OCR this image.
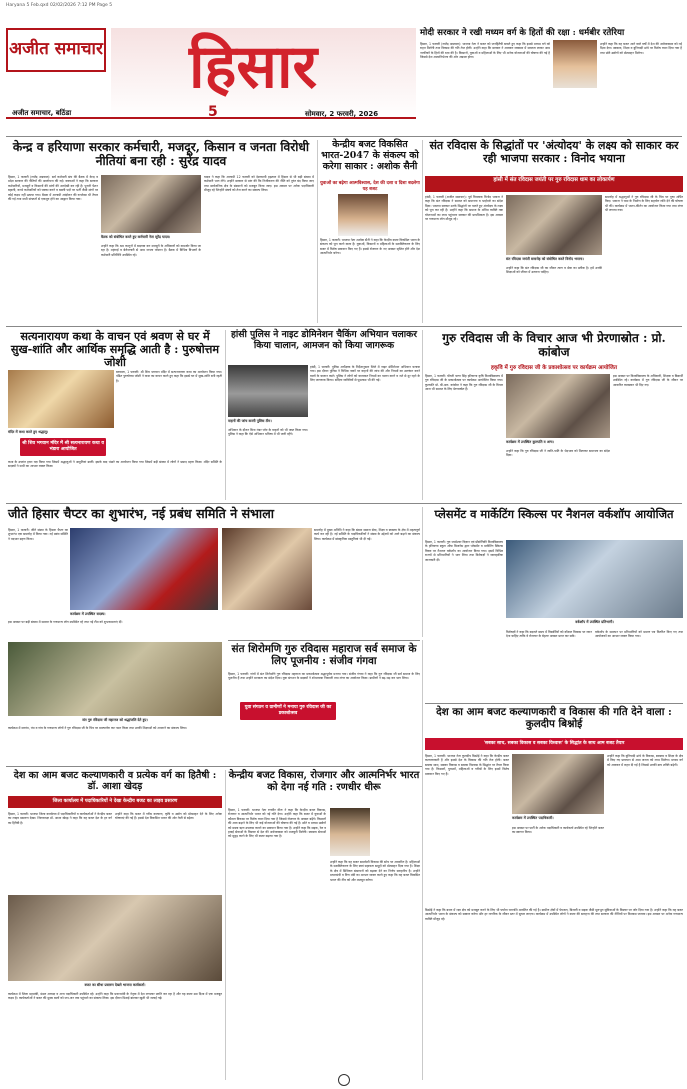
Haryana 5 Feb.qxd 02/02/2026 7:12 PM Page 5
अजीत समाचार हिसार
अजीत समाचार, बठिंडा	5	सोमवार, 2 फरवरी, 2026
मोदी सरकार ने रखी मध्यम वर्ग के हितों की रक्षा : धर्मबीर रतेरिया
हिसार, 1 फरवरी (राजेंद्र अग्रवाल): भाजपा नेता ने बजट को जनहितैषी बताते हुए कहा कि इससे मध्यम वर्ग को राहत मिलेगी तथा विकास की गति तेज होगी। उन्होंने कहा कि सरकार ने आयकर व्यवस्था में सरलता लाकर आम नागरिकों के हितों की रक्षा की है। किसानों, युवाओं व महिलाओं के लिए भी अनेक योजनाओं की घोषणा की गई है जिससे देश आत्मनिर्भरता की ओर अग्रसर होगा।
उन्होंने कहा कि यह बजट आने वाले वर्षों में देश की अर्थव्यवस्था को नई दिशा देगा। स्वास्थ्य, शिक्षा व बुनियादी ढांचे पर विशेष ध्यान दिया गया है तथा छोटे उद्योगों को प्रोत्साहन मिलेगा।
केन्द्र व हरियाणा सरकार कर्मचारी, मजदूर, किसान व जनता विरोधी नीतियां बना रही : सुरेंद्र यादव
हिसार, 1 फरवरी (राजेंद्र अग्रवाल): सर्व कर्मचारी संघ की बैठक में केन्द्र व प्रदेश सरकार की नीतियों की आलोचना की गई। वक्ताओं ने कहा कि सरकार कर्मचारियों, मजदूरों व किसानों की मांगों की अनदेखी कर रही है। पुरानी पेंशन बहाली, कच्चे कर्मचारियों को पक्का करने व खाली पदों पर भर्ती जैसी मांगों पर कोई कदम नहीं उठाया गया। बैठक में आगामी आंदोलन की रूपरेखा भी तैयार की गई तथा सभी संगठनों से एकजुट होने का आह्वान किया गया।
बैठक को संबोधित करते हुए कर्मचारी नेता सुरेंद्र यादव।
उन्होंने कहा कि श्रम कानूनों में बदलाव कर मजदूरों के अधिकारों को कमजोर किया जा रहा है। महंगाई व बेरोजगारी से आम जनता परेशान है। बैठक में विभिन्न विभागों के कर्मचारी प्रतिनिधि उपस्थित रहे।
यादव ने कहा कि आगामी 12 फरवरी को देशव्यापी हड़ताल में हिसार से भी बड़ी संख्या में कर्मचारी भाग लेंगे। उन्होंने सरकार से मांग की कि निजीकरण की नीति को तुरंत बंद किया जाए तथा सार्वजनिक क्षेत्र के संस्थानों को मजबूत किया जाए। इस अवसर पर अनेक पदाधिकारी मौजूद रहे जिन्होंने संघर्ष को तेज करने का संकल्प लिया।
केन्द्रीय बजट विकसित भारत-2047 के संकल्प को करेगा साकार : अशोक सैनी
युवाओं का बढ़ेगा आत्मविश्वास, देश की दशा व दिशा बदलेगा यह बजट
हिसार, 1 फरवरी: भाजपा नेता अशोक सैनी ने कहा कि केन्द्रीय बजट विकसित भारत के संकल्प को पूरा करने वाला है। युवाओं, किसानों व महिलाओं के सशक्तिकरण के लिए बजट में विशेष प्रावधान किए गए हैं। इससे रोजगार के नए अवसर सृजित होंगे और देश आत्मनिर्भर बनेगा।
संत रविदास के सिद्धांतों पर 'अंत्योदय' के लक्ष्य को साकार कर रही भाजपा सरकार : विनोद भयाना
हांसी में संत रविदास जयंती पर गुरु रविदास धाम का लोकार्पण
हांसी, 1 फरवरी (अजीत समाचार): पूर्व विधायक विनोद भयाना ने कहा कि संत रविदास ने समाज को समानता व भाईचारे का संदेश दिया। भाजपा सरकार उनके सिद्धांतों पर चलते हुए अंत्योदय के लक्ष्य को पूरा कर रही है। उन्होंने कहा कि समाज के अंतिम व्यक्ति तक योजनाओं का लाभ पहुंचाना सरकार की प्राथमिकता है। इस अवसर पर गणमान्य लोग मौजूद रहे।
संत रविदास जयंती समारोह को संबोधित करते विनोद भयाना।
उन्होंने कहा कि संत रविदास जी का जीवन त्याग व सेवा का प्रतीक है। हमें उनकी शिक्षाओं को जीवन में उतारना चाहिए।
समारोह में श्रद्धालुओं ने गुरु रविदास जी के चित्र पर पुष्प अर्पित किए। भयाना ने धाम के निर्माण के लिए सहयोग राशि देने की घोषणा भी की। कार्यक्रम में भजन-कीर्तन का आयोजन किया गया तथा लंगर भी लगाया गया।
सत्यनारायण कथा के वाचन एवं श्रवण से घर में सुख-शांति और आर्थिक समृद्धि आती है : पुरुषोत्तम जोशी
मंदिर में कथा करते हुए श्रद्धालु।
बरवाला, 1 फरवरी: श्री शिव भगवान मंदिर में सत्यनारायण कथा का आयोजन किया गया। पंडित पुरुषोत्तम जोशी ने कथा का वाचन करते हुए कहा कि इससे घर में सुख-शांति बनी रहती है।
श्री शिव भगवान मंदिर में श्री सत्यनारायण कथा व भंडारा आयोजित
कथा के उपरांत हवन यज्ञ किया गया जिसमें श्रद्धालुओं ने आहुतियां डालीं। इसके बाद भंडारे का आयोजन किया गया जिसमें बड़ी संख्या में लोगों ने प्रसाद ग्रहण किया। मंदिर समिति के सदस्यों ने सभी का आभार व्यक्त किया।
हांसी पुलिस ने नाइट डोमिनेशन चैकिंग अभियान चलाकर किया चालान, आमजन को किया जागरूक
वाहनों की जांच करती पुलिस टीम।
हांसी, 1 फरवरी: पुलिस अधीक्षक के निर्देशानुसार जिले में नाइट डोमिनेशन अभियान चलाया गया। इस दौरान पुलिस ने विभिन्न नाकों पर वाहनों की जांच की और नियमों का उल्लंघन करने वालों के चालान काटे। पुलिस ने लोगों को यातायात नियमों का पालन करने व नशे से दूर रहने के लिए जागरूक किया। संदिग्ध व्यक्तियों से पूछताछ भी की गई।
अभियान के दौरान बिना नंबर प्लेट के वाहनों को भी जब्त किया गया। पुलिस ने कहा कि ऐसे अभियान भविष्य में भी जारी रहेंगे।
गुरु रविदास जी के विचार आज भी प्रेरणास्रोत : प्रो. कांबोज
हकृवि में गुरु रविदास जी के प्रकाशोत्सव पर कार्यक्रम आयोजित
हिसार, 1 फरवरी: चौधरी चरण सिंह हरियाणा कृषि विश्वविद्यालय में गुरु रविदास जी के प्रकाशोत्सव पर कार्यक्रम आयोजित किया गया। कुलपति प्रो. बी.आर. कांबोज ने कहा कि गुरु रविदास जी के विचार आज भी समाज के लिए प्रेरणास्रोत हैं।
कार्यक्रम में उपस्थित कुलपति व अन्य।
उन्होंने कहा कि गुरु रविदास जी ने जाति-पाति के भेदभाव को मिटाकर समानता का संदेश दिया।
इस अवसर पर विश्वविद्यालय के अधिकारी, शिक्षक व विद्यार्थी उपस्थित रहे। कार्यक्रम में गुरु रविदास जी के जीवन पर आधारित व्याख्यान भी दिए गए।
जीते हिसार चैप्टर का शुभारंभ, नई प्रबंध समिति ने संभाला
हिसार, 1 फरवरी: जीते संस्था के हिसार चैप्टर का शुभारंभ एक समारोह में किया गया। नई प्रबंध समिति ने पदभार ग्रहण किया।
कार्यक्रम में उपस्थित सदस्य।
समारोह में मुख्य अतिथि ने कहा कि संस्था समाज सेवा, शिक्षा व स्वास्थ्य के क्षेत्र में महत्वपूर्ण कार्य कर रही है। नई समिति के पदाधिकारियों ने संस्था के उद्देश्यों को आगे बढ़ाने का संकल्प लिया। कार्यक्रम में सांस्कृतिक प्रस्तुतियां भी दी गईं।
इस अवसर पर बड़ी संख्या में समाज के गणमान्य लोग उपस्थित रहे तथा नई टीम को शुभकामनाएं दीं।
प्लेसमेंट व मार्केटिंग स्किल्स पर नैशनल वर्कशॉप आयोजित
हिसार, 1 फरवरी: गुरु जम्भेश्वर विज्ञान एवं प्रौद्योगिकी विश्वविद्यालय के हरियाणा स्कूल ऑफ बिजनेस द्वारा प्लेसमेंट व मार्केटिंग स्किल्स विषय पर नैशनल वर्कशॉप का आयोजन किया गया। इसमें विभिन्न राज्यों से प्रतिभागियों ने भाग लिया तथा विशेषज्ञों ने व्यावहारिक जानकारी दी।
वर्कशॉप में उपस्थित प्रतिभागी।
विशेषज्ञों ने कहा कि बदलते समय में विद्यार्थियों को कौशल विकास पर ध्यान देना चाहिए ताकि वे रोजगार के बेहतर अवसर प्राप्त कर सकें।
वर्कशॉप के समापन पर प्रतिभागियों को प्रमाण पत्र वितरित किए गए तथा आयोजकों का आभार व्यक्त किया गया।
संत शिरोमणि गुरु रविदास महाराज सर्व समाज के लिए पूजनीय : संजीव गंगवा
हिसार, 1 फरवरी: गांवों में संत शिरोमणि गुरु रविदास महाराज का प्रकाशोत्सव श्रद्धापूर्वक मनाया गया। संजीव गंगवा ने कहा कि गुरु रविदास जी सर्व समाज के लिए पूजनीय हैं तथा उन्होंने मानवता का संदेश दिया। युवा संगठन के सदस्यों ने शोभायात्रा निकाली तथा लंगर का आयोजन किया। ग्रामीणों ने बढ़-चढ़ कर भाग लिया।
युवा संगठन व ग्रामीणों ने मनाया गुरु रविदास जी का प्रकाशोत्सव
संत गुरु रविदास जी महाराज को श्रद्धांजलि देते हुए।
कार्यक्रम में सरपंच, पंच व गांव के गणमान्य लोगों ने गुरु रविदास जी के चित्र पर माल्यार्पण कर नमन किया तथा उनकी शिक्षाओं को अपनाने का संकल्प लिया।
देश का आम बजट कल्याणकारी व विकास की गति देने वाला : कुलदीप बिश्नोई
'सबका साथ, सबका विकास व सबका विश्वास' के सिद्धांत के साथ आम बजट तैयार
हिसार, 1 फरवरी: भाजपा नेता कुलदीप बिश्नोई ने कहा कि केन्द्रीय बजट कल्याणकारी है और इससे देश के विकास की गति तेज होगी। बजट सबका साथ, सबका विकास व सबका विश्वास के सिद्धांत पर तैयार किया गया है। किसानों, युवाओं, महिलाओं व गरीबों के लिए इसमें विशेष प्रावधान किए गए हैं।
कार्यक्रम में उपस्थित पदाधिकारी।
उन्होंने कहा कि बुनियादी ढांचे के विकास, स्वास्थ्य व शिक्षा के क्षेत्र में किए गए प्रावधान से आम जनता को लाभ मिलेगा। मध्यम वर्ग को आयकर में राहत दी गई है जिससे उनकी क्रय शक्ति बढ़ेगी।
इस अवसर पर पार्टी के अनेक पदाधिकारी व कार्यकर्ता उपस्थित रहे जिन्होंने बजट का स्वागत किया।
देश का आम बजट कल्याणकारी व प्रत्येक वर्ग का हितैषी : डॉ. आशा खेदड़
जिला कार्यालय में पदाधिकारियों ने देखा केन्द्रीय बजट का लाइव प्रसारण
हिसार, 1 फरवरी: भाजपा जिला कार्यालय में पदाधिकारियों व कार्यकर्ताओं ने केन्द्रीय बजट का लाइव प्रसारण देखा। जिलाध्यक्ष डॉ. आशा खेदड़ ने कहा कि यह बजट देश के हर वर्ग का हितैषी है।
उन्होंने कहा कि बजट में गरीब कल्याण, कृषि व उद्योग को प्रोत्साहन देने के लिए अनेक घोषणाएं की गई हैं। इससे देश विकसित भारत की ओर तेजी से बढ़ेगा।
बजट का सीधा प्रसारण देखते भाजपा कार्यकर्ता।
कार्यक्रम में जिला महामंत्री, मंडल अध्यक्ष व अन्य पदाधिकारी उपस्थित रहे। उन्होंने कहा कि प्रधानमंत्री के नेतृत्व में देश लगातार प्रगति कर रहा है और यह बजट उस दिशा में एक मजबूत कदम है। कार्यकर्ताओं ने बजट की मुख्य बातों को जन-जन तक पहुंचाने का संकल्प लिया। इस दौरान मिठाई बांटकर खुशी भी जताई गई।
केन्द्रीय बजट विकास, रोजगार और आत्मनिर्भर भारत को देगा नई गति : रणधीर धीरू
हिसार, 1 फरवरी: भाजपा नेता रणधीर धीरू ने कहा कि केन्द्रीय बजट विकास, रोजगार व आत्मनिर्भर भारत को नई गति देगा। उन्होंने कहा कि बजट में युवाओं के कौशल विकास पर विशेष ध्यान दिया गया है जिससे रोजगार के अवसर बढ़ेंगे। किसानों की आय बढ़ाने के लिए भी कई योजनाओं की घोषणा की गई है। छोटे व मध्यम उद्योगों को सस्ता ऋण उपलब्ध कराने का प्रावधान किया गया है। उन्होंने कहा कि सड़क, रेल व हवाई सेवाओं के विस्तार से देश की अर्थव्यवस्था को मजबूती मिलेगी। स्वास्थ्य सेवाओं को सुदृढ़ करने के लिए भी बजट बढ़ाया गया है।
उन्होंने कहा कि यह बजट समावेशी विकास की सोच पर आधारित है। महिलाओं के सशक्तिकरण के लिए स्वयं सहायता समूहों को प्रोत्साहन दिया गया है। शिक्षा के क्षेत्र में डिजिटल संसाधनों को बढ़ावा देने का निर्णय सराहनीय है। उन्होंने प्रधानमंत्री व वित्त मंत्री का आभार व्यक्त करते हुए कहा कि यह बजट विकसित भारत की नींव को और मजबूत करेगा।
बिश्नोई ने कहा कि बजट में रक्षा क्षेत्र को मजबूत करने के लिए भी पर्याप्त धनराशि आवंटित की गई है। ग्रामीण क्षेत्रों में पेयजल, बिजली व सड़क जैसी मूलभूत सुविधाओं के विस्तार पर जोर दिया गया है। उन्होंने कहा कि यह बजट आत्मनिर्भर भारत के संकल्प को साकार करेगा और हर नागरिक के जीवन स्तर में सुधार लाएगा। कार्यक्रम में उपस्थित लोगों ने बजट की सराहना की तथा सरकार की नीतियों पर विश्वास जताया। इस अवसर पर अनेक गणमान्य व्यक्ति मौजूद रहे।
